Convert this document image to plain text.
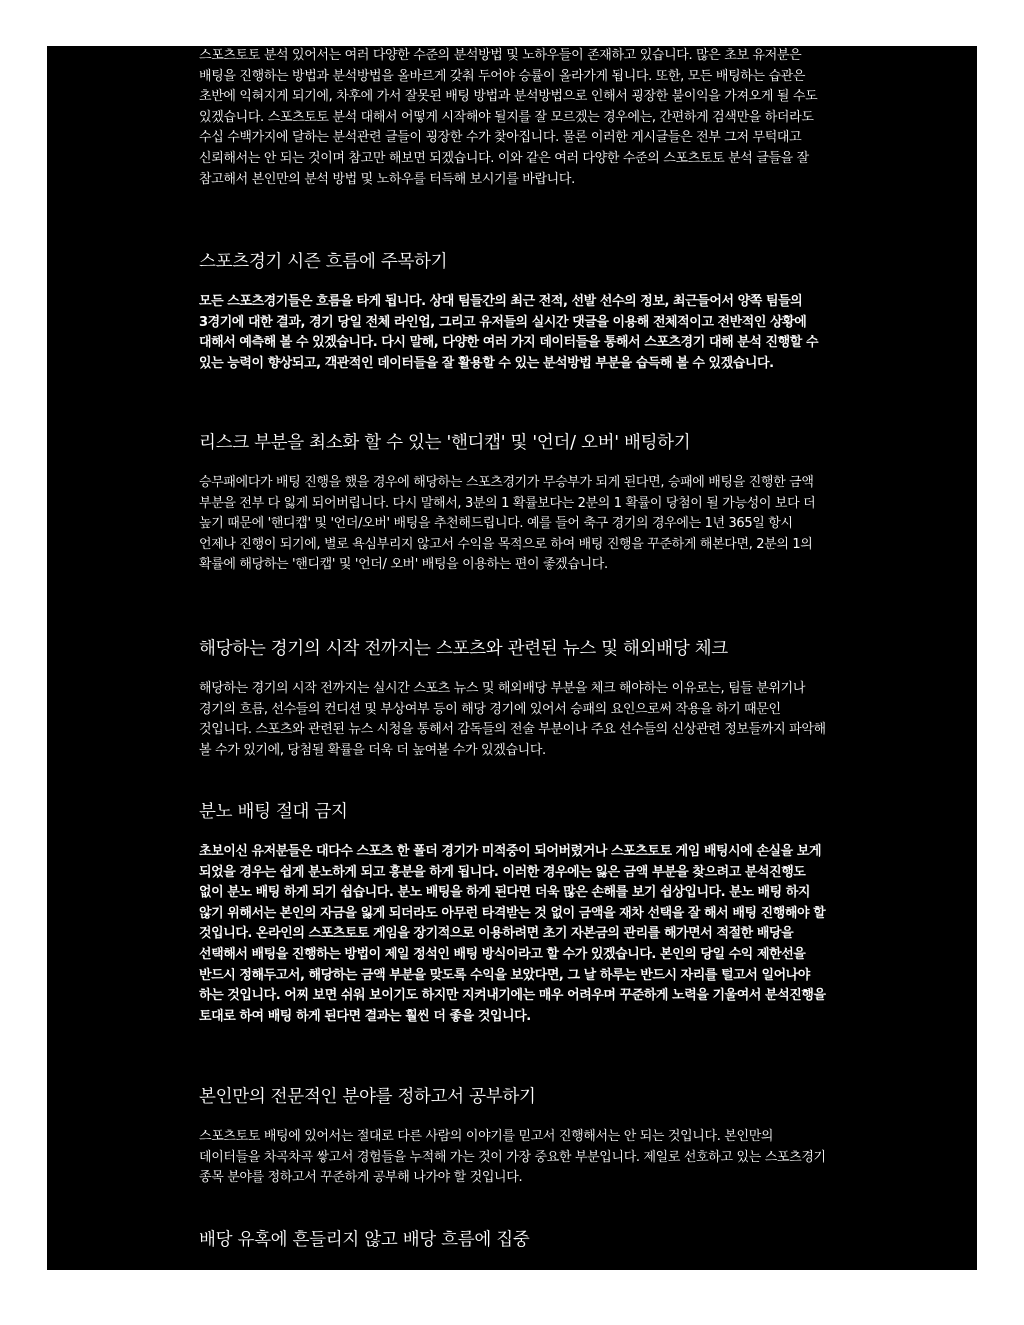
스포츠토토 분석 있어서는 여러 다양한 수준의 분석방법 및 노하우들이 존재하고 있습니다. 많은 초보 유저분은 배팅을 진행하는 방법과 분석방법을 올바르게 갖춰 두어야 승률이 올라가게 됩니다. 또한, 모든 배팅하는 습관은 초반에 익혀지게 되기에, 차후에 가서 잘못된 배팅 방법과 분석방법으로 인해서 굉장한 불이익을 가져오게 될 수도 있겠습니다. 스포츠토토 분석 대해서 어떻게 시작해야 될지를 잘 모르겠는 경우에는, 간편하게 검색만을 하더라도 수십 수백가지에 달하는 분석관련 글들이 굉장한 수가 찾아집니다. 물론 이러한 게시글들은 전부 그저 무턱대고 신뢰해서는 안 되는 것이며 참고만 해보면 되겠습니다. 이와 같은 여러 다양한 수준의 스포츠토토 분석 글들을 잘 참고해서 본인만의 분석 방법 및 노하우를 터득해 보시기를 바랍니다.

스포츠경기 시즌 흐름에 주목하기

모든 스포츠경기들은 흐름을 타게 됩니다. 상대 팀들간의 최근 전적, 선발 선수의 정보, 최근들어서 양쪽 팀들의 3경기에 대한 결과, 경기 당일 전체 라인업, 그리고 유저들의 실시간 댓글을 이용해 전체적이고 전반적인 상황에 대해서 예측해 볼 수 있겠습니다. 다시 말해, 다양한 여러 가지 데이터들을 통해서 스포츠경기 대해 분석 진행할 수 있는 능력이 향상되고, 객관적인 데이터들을 잘 활용할 수 있는 분석방법 부분을 습득해 볼 수 있겠습니다.

리스크 부분을 최소화 할 수 있는 '핸디캡' 및 '언더/ 오버' 배팅하기

승무패에다가 배팅 진행을 했을 경우에 해당하는 스포츠경기가 무승부가 되게 된다면, 승패에 배팅을 진행한 금액 부분을 전부 다 잃게 되어버립니다. 다시 말해서, 3분의 1 확률보다는 2분의 1 확률이 당첨이 될 가능성이 보다 더 높기 때문에 '핸디캡' 및 '언더/오버' 배팅을 추천해드립니다. 예를 들어 축구 경기의 경우에는 1년 365일 항시 언제나 진행이 되기에, 별로 욕심부리지 않고서 수익을 목적으로 하여 배팅 진행을 꾸준하게 해본다면, 2분의 1의 확률에 해당하는 '핸디캡' 및 '언더/ 오버' 배팅을 이용하는 편이 좋겠습니다.

해당하는 경기의 시작 전까지는 스포츠와 관련된 뉴스 및 해외배당 체크

해당하는 경기의 시작 전까지는 실시간 스포츠 뉴스 및 해외배당 부분을 체크 해야하는 이유로는, 팀들 분위기나 경기의 흐름, 선수들의 컨디션 및 부상여부 등이 해당 경기에 있어서 승패의 요인으로써 작용을 하기 때문인 것입니다. 스포츠와 관련된 뉴스 시청을 통해서 감독들의 전술 부분이나 주요 선수들의 신상관련 정보들까지 파악해 볼 수가 있기에, 당첨될 확률을 더욱 더 높여볼 수가 있겠습니다.

분노 배팅 절대 금지

초보이신 유저분들은 대다수 스포츠 한 폴더 경기가 미적중이 되어버렸거나 스포츠토토 게임 배팅시에 손실을 보게 되었을 경우는 쉽게 분노하게 되고 흥분을 하게 됩니다. 이러한 경우에는 잃은 금액 부분을 찾으려고 분석진행도 없이 분노 배팅 하게 되기 쉽습니다. 분노 배팅을 하게 된다면 더욱 많은 손해를 보기 쉽상입니다. 분노 배팅 하지 않기 위해서는 본인의 자금을 잃게 되더라도 아무런 타격받는 것 없이 금액을 재차 선택을 잘 해서 배팅 진행해야 할 것입니다. 온라인의 스포츠토토 게임을 장기적으로 이용하려면 초기 자본금의 관리를 해가면서 적절한 배당을 선택해서 배팅을 진행하는 방법이 제일 정석인 배팅 방식이라고 할 수가 있겠습니다. 본인의 당일 수익 제한선을 반드시 정해두고서, 해당하는 금액 부분을 맞도록 수익을 보았다면, 그 날 하루는 반드시 자리를 털고서 일어나야 하는 것입니다. 어찌 보면 쉬워 보이기도 하지만 지켜내기에는 매우 어려우며 꾸준하게 노력을 기울여서 분석진행을 토대로 하여 배팅 하게 된다면 결과는 훨씬 더 좋을 것입니다.

본인만의 전문적인 분야를 정하고서 공부하기

스포츠토토 배팅에 있어서는 절대로 다른 사람의 이야기를 믿고서 진행해서는 안 되는 것입니다. 본인만의 데이터들을 차곡차곡 쌓고서 경험들을 누적해 가는 것이 가장 중요한 부분입니다. 제일로 선호하고 있는 스포츠경기 종목 분야를 정하고서 꾸준하게 공부해 나가야 할 것입니다.

배당 유혹에 흔들리지 않고 배당 흐름에 집중
